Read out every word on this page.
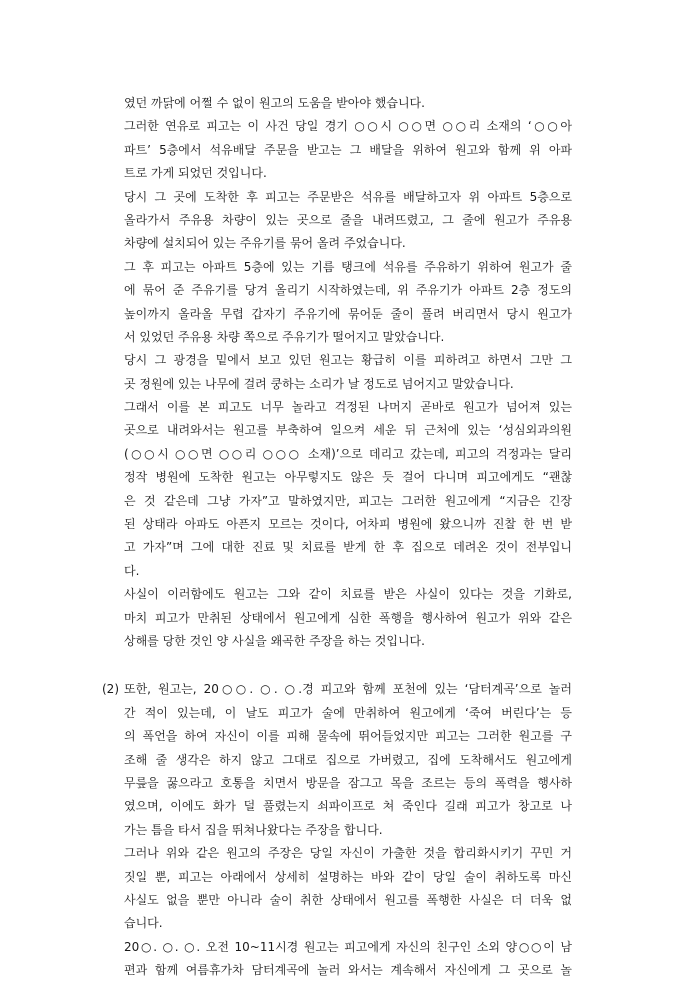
였던 까닭에 어쩔 수 없이 원고의 도움을 받아야 했습니다.
그러한 연유로 피고는 이 사건 당일 경기 ○○시 ○○면 ○○리 소재의 ‘○○아
파트’ 5층에서 석유배달 주문을 받고는 그 배달을 위하여 원고와 함께 위 아파
트로 가게 되었던 것입니다.
당시 그 곳에 도착한 후 피고는 주문받은 석유를 배달하고자 위 아파트 5층으로
올라가서 주유용 차량이 있는 곳으로 줄을 내려뜨렸고, 그 줄에 원고가 주유용
차량에 설치되어 있는 주유기를 묶어 올려 주었습니다.
그 후 피고는 아파트 5층에 있는 기름 탱크에 석유를 주유하기 위하여 원고가 줄
에 묶어 준 주유기를 당겨 올리기 시작하였는데, 위 주유기가 아파트 2층 정도의
높이까지 올라올 무렵 갑자기 주유기에 묶어둔 줄이 풀려 버리면서 당시 원고가
서 있었던 주유용 차량 쪽으로 주유기가 떨어지고 말았습니다.
당시 그 광경을 밑에서 보고 있던 원고는 황급히 이를 피하려고 하면서 그만 그
곳 정원에 있는 나무에 걸려 쿵하는 소리가 날 정도로 넘어지고 말았습니다.
그래서 이를 본 피고도 너무 놀라고 걱정된 나머지 곧바로 원고가 넘어져 있는
곳으로 내려와서는 원고를 부축하여 일으켜 세운 뒤 근처에 있는 ‘성심외과의원
(○○시 ○○면 ○○리 ○○○ 소재)’으로 데리고 갔는데, 피고의 걱정과는 달리
정작 병원에 도착한 원고는 아무렇지도 않은 듯 걸어 다니며 피고에게도 “괜찮
은 것 같은데 그냥 가자”고 말하였지만, 피고는 그러한 원고에게 “지금은 긴장
된 상태라 아파도 아픈지 모르는 것이다, 어차피 병원에 왔으니까 진찰 한 번 받
고 가자”며 그에 대한 진료 및 치료를 받게 한 후 집으로 데려온 것이 전부입니
다.
사실이 이러함에도 원고는 그와 같이 치료를 받은 사실이 있다는 것을 기화로,
마치 피고가 만취된 상태에서 원고에게 심한 폭행을 행사하여 원고가 위와 같은
상해를 당한 것인 양 사실을 왜곡한 주장을 하는 것입니다.
(2) 또한, 원고는, 20○○. ○. ○.경 피고와 함께 포천에 있는 ‘담터계곡’으로 놀러
간 적이 있는데, 이 날도 피고가 술에 만취하여 원고에게 ‘죽여 버린다’는 등
의 폭언을 하여 자신이 이를 피해 물속에 뛰어들었지만 피고는 그러한 원고를 구
조해 줄 생각은 하지 않고 그대로 집으로 가버렸고, 집에 도착해서도 원고에게
무릎을 꿇으라고 호통을 치면서 방문을 잠그고 목을 조르는 등의 폭력을 행사하
였으며, 이에도 화가 덜 풀렸는지 쇠파이프로 쳐 죽인다 길래 피고가 창고로 나
가는 틈을 타서 집을 뛰쳐나왔다는 주장을 합니다.
그러나 위와 같은 원고의 주장은 당일 자신이 가출한 것을 합리화시키기 꾸민 거
짓일 뿐, 피고는 아래에서 상세히 설명하는 바와 같이 당일 술이 취하도록 마신
사실도 없을 뿐만 아니라 술이 취한 상태에서 원고를 폭행한 사실은 더 더욱 없
습니다.
20○. ○. ○. 오전 10~11시경 원고는 피고에게 자신의 친구인 소외 양○○이 남
편과 함께 여름휴가차 담터계곡에 놀러 와서는 계속해서 자신에게 그 곳으로 놀
